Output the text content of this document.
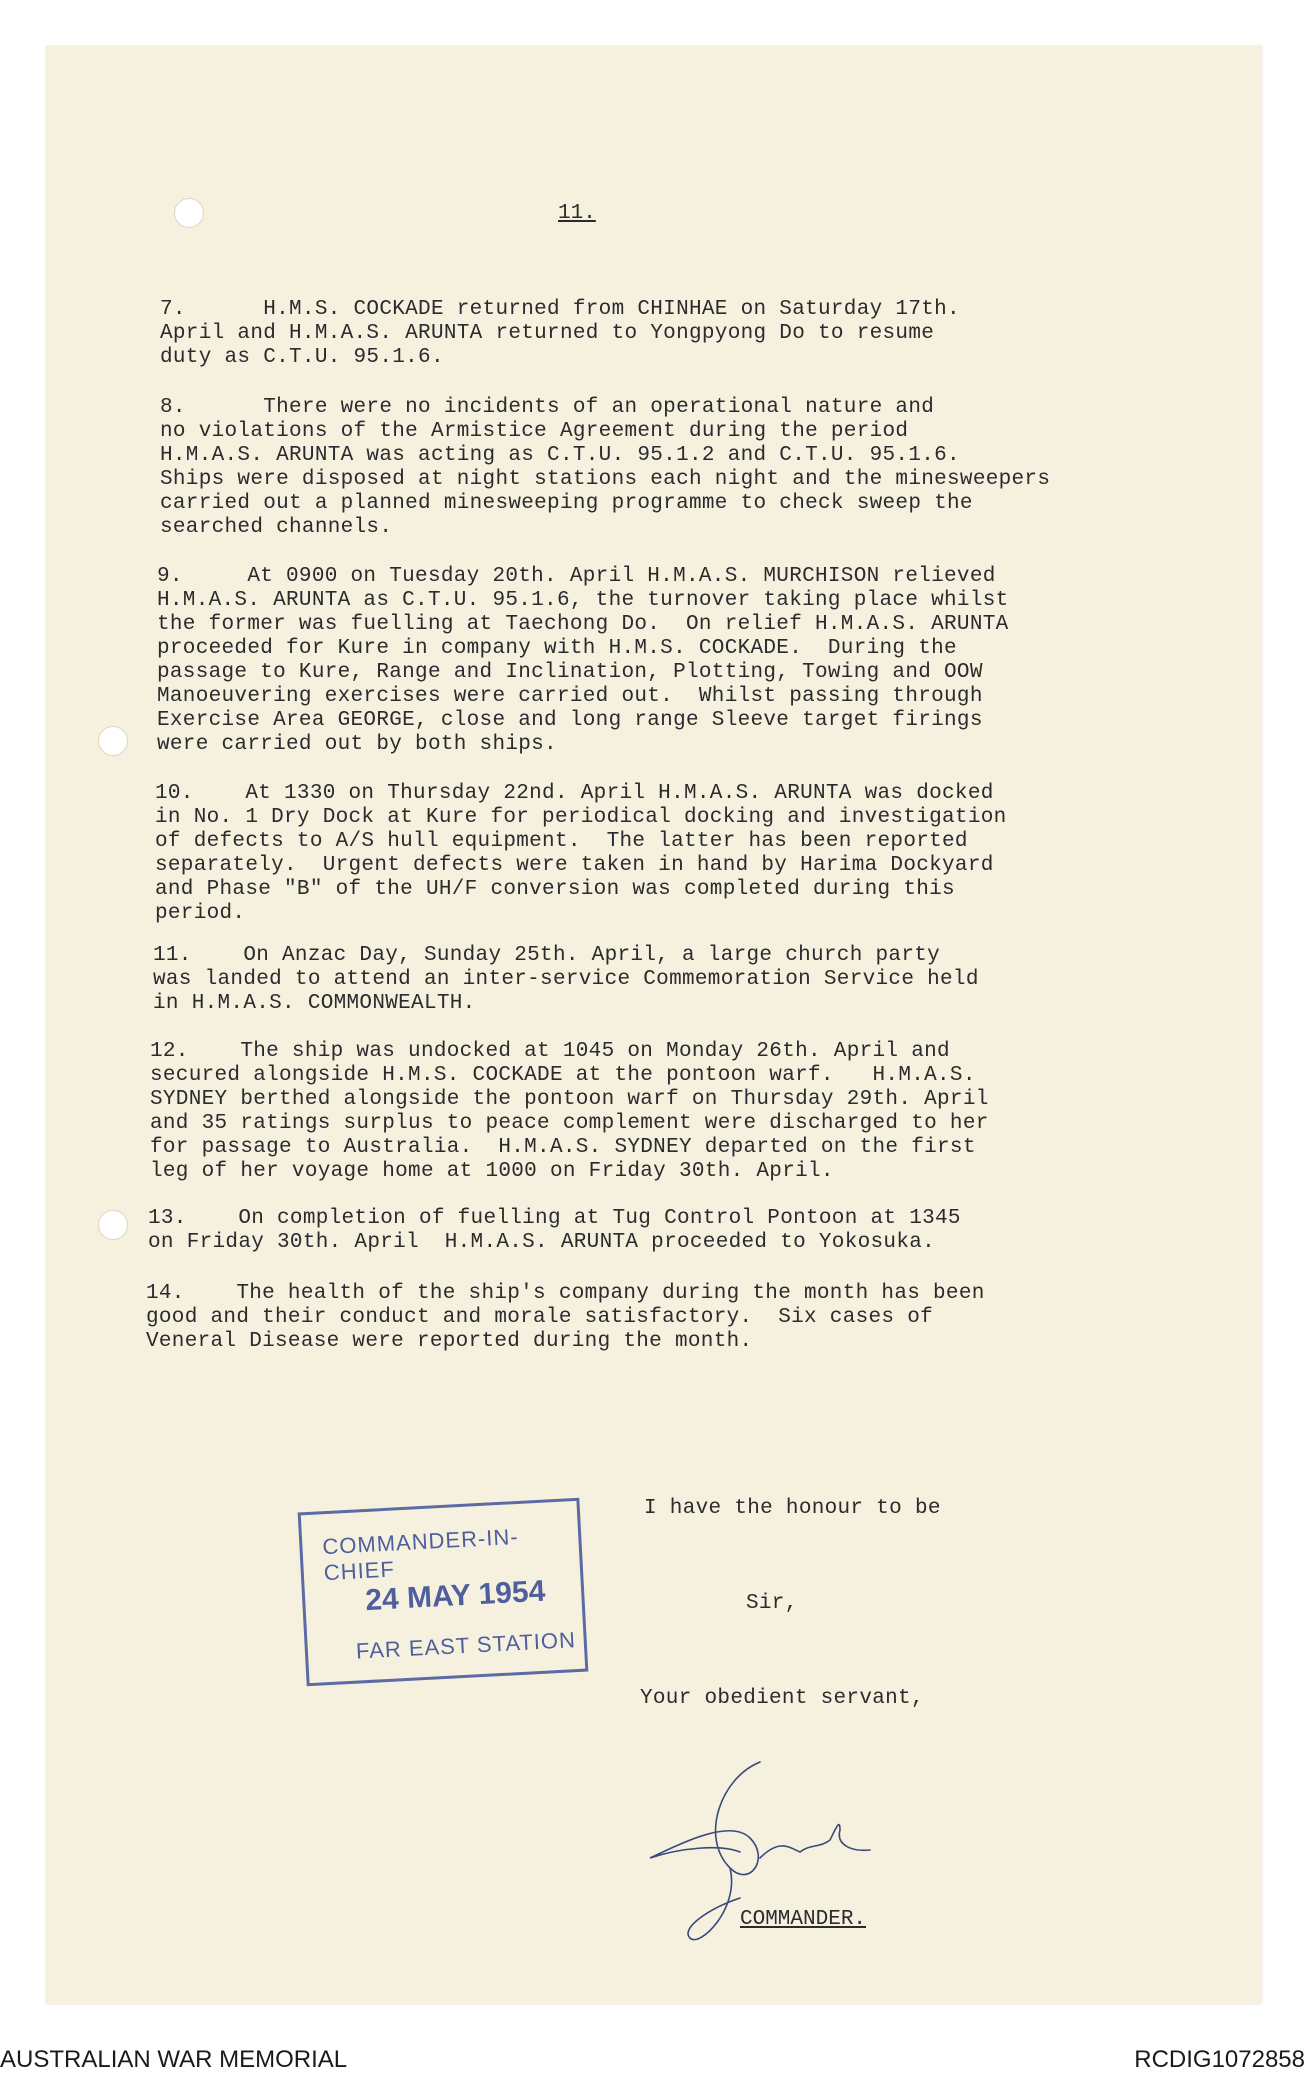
11.
7.      H.M.S. COCKADE returned from CHINHAE on Saturday 17th.
April and H.M.A.S. ARUNTA returned to Yongpyong Do to resume
duty as C.T.U. 95.1.6.
8.      There were no incidents of an operational nature and
no violations of the Armistice Agreement during the period
H.M.A.S. ARUNTA was acting as C.T.U. 95.1.2 and C.T.U. 95.1.6.
Ships were disposed at night stations each night and the minesweepers
carried out a planned minesweeping programme to check sweep the
searched channels.
9.     At 0900 on Tuesday 20th. April H.M.A.S. MURCHISON relieved
H.M.A.S. ARUNTA as C.T.U. 95.1.6, the turnover taking place whilst
the former was fuelling at Taechong Do.  On relief H.M.A.S. ARUNTA
proceeded for Kure in company with H.M.S. COCKADE.  During the
passage to Kure, Range and Inclination, Plotting, Towing and OOW
Manoeuvering exercises were carried out.  Whilst passing through
Exercise Area GEORGE, close and long range Sleeve target firings
were carried out by both ships.
10.    At 1330 on Thursday 22nd. April H.M.A.S. ARUNTA was docked
in No. 1 Dry Dock at Kure for periodical docking and investigation
of defects to A/S hull equipment.  The latter has been reported
separately.  Urgent defects were taken in hand by Harima Dockyard
and Phase "B" of the UH/F conversion was completed during this
period.
11.    On Anzac Day, Sunday 25th. April, a large church party
was landed to attend an inter-service Commemoration Service held
in H.M.A.S. COMMONWEALTH.
12.    The ship was undocked at 1045 on Monday 26th. April and
secured alongside H.M.S. COCKADE at the pontoon warf.   H.M.A.S.
SYDNEY berthed alongside the pontoon warf on Thursday 29th. April
and 35 ratings surplus to peace complement were discharged to her
for passage to Australia.  H.M.A.S. SYDNEY departed on the first
leg of her voyage home at 1000 on Friday 30th. April.
13.    On completion of fuelling at Tug Control Pontoon at 1345
on Friday 30th. April  H.M.A.S. ARUNTA proceeded to Yokosuka.
14.    The health of the ship's company during the month has been
good and their conduct and morale satisfactory.  Six cases of
Veneral Disease were reported during the month.
I have the honour to be
Sir,
Your obedient servant,
COMMANDER-IN-CHIEF
24 MAY 1954
FAR EAST STATION
COMMANDER.
AUSTRALIAN WAR MEMORIAL	RCDIG1072858
